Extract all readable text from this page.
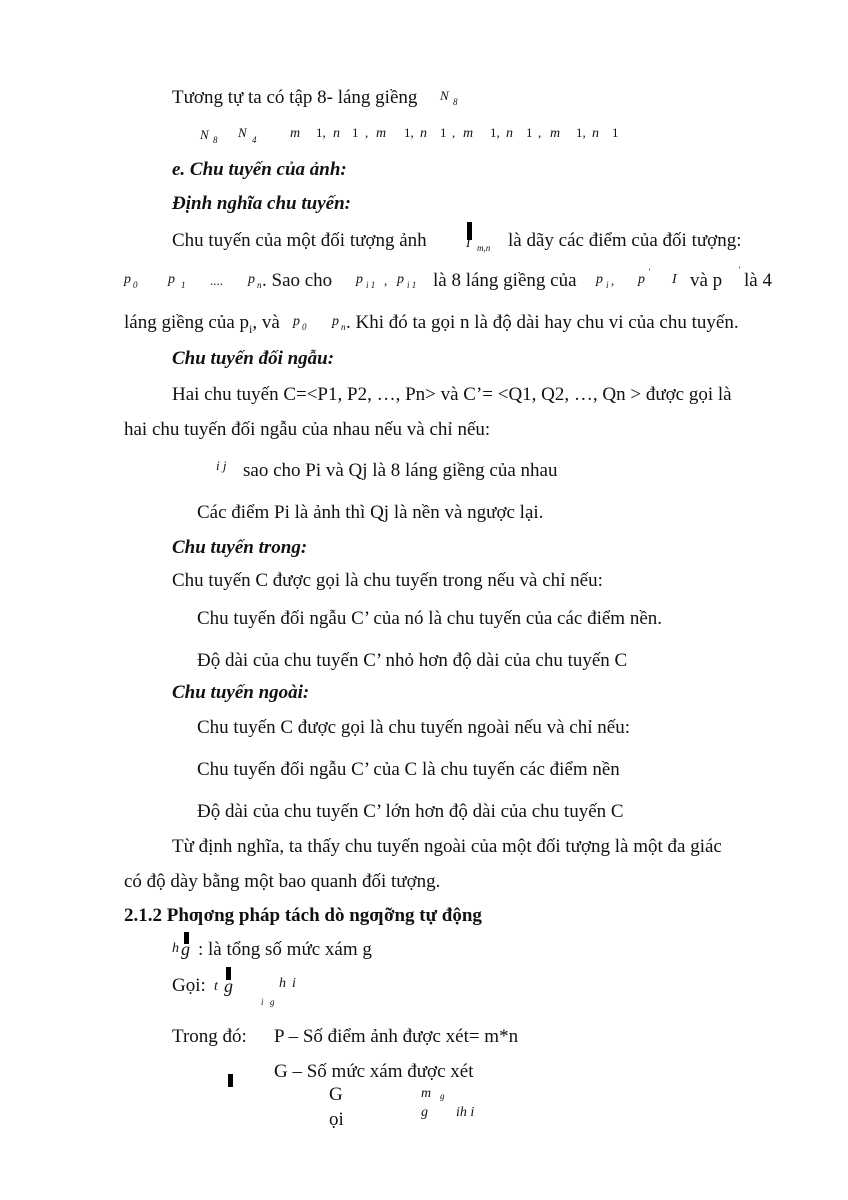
Tương tự ta có tập 8- láng giềng N 8
N 8 N 4 m 1, n 1 , m 1, n 1 , m 1, n 1 , m 1, n 1
e. Chu tuyến của ảnh:
Định nghĩa chu tuyến:
Chu tuyến của một đối tượng ảnh	I m,n là dãy các điểm của đối tượng:
p 0 p 1 .... p n . Sao cho p i 1 , p i 1 là 8 láng giềng của p i , p ' I và p ' là 4
láng giềng của $p_i$, và p 0 p n . Khi đó ta gọi n là độ dài hay chu vi của chu tuyến.
Chu tuyến đối ngẫu:
Hai chu tuyến C=<P1, P2, …, Pn> và C’= <Q1, Q2, …, Qn > được gọi là
hai chu tuyến đối ngẫu của nhau nếu và chỉ nếu:
i j sao cho Pi và Qj là 8 láng giềng của nhau
Các điểm Pi là ảnh thì Qj là nền và ngược lại.
Chu tuyến trong:
Chu tuyến C được gọi là chu tuyến trong nếu và chỉ nếu:
Chu tuyến đối ngẫu C’ của nó là chu tuyến của các điểm nền.
Độ dài của chu tuyến C’ nhỏ hơn độ dài của chu tuyến C
Chu tuyến ngoài:
Chu tuyến C được gọi là chu tuyến ngoài nếu và chỉ nếu:
Chu tuyến đối ngẫu C’ của C là chu tuyến các điểm nền
Độ dài của chu tuyến C’ lớn hơn độ dài của chu tuyến C
Từ định nghĩa, ta thấy chu tuyến ngoài của một đối tượng là một đa giác
có độ dày bằng một bao quanh đối tượng.
2.1.2 Phƣơng pháp tách dò ngƣỡng tự động
h g : là tổng số mức xám g
Gọi: t g	h i
i g
Trong đó: P – Số điểm ảnh được xét= m*n
G – Số mức xám được xét
G
ọi
m g
g ih i
